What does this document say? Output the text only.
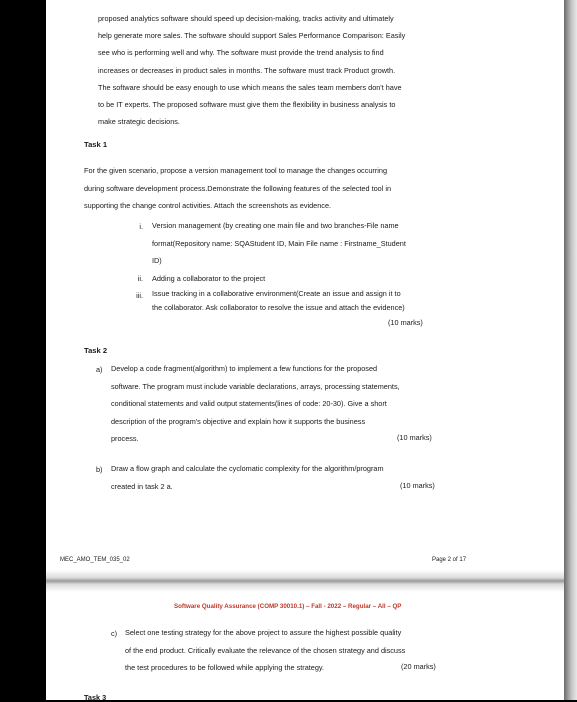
proposed analytics software should speed up decision-making, tracks activity and ultimately
help generate more sales. The software should support Sales Performance Comparison: Easily
see who is performing well and why. The software must provide the trend analysis to find
increases or decreases in product sales in months. The software must track Product growth.
The software should be easy enough to use which means the sales team members don't have
to be IT experts. The proposed software must give them the flexibility in business analysis to
make strategic decisions.
Task 1
For the given scenario, propose a version management tool to manage the changes occurring
during software development process.Demonstrate the following features of the selected tool in
supporting the change control activities. Attach the screenshots as evidence.
i. Version management (by creating one main file and two branches-File name
format(Repository name: SQAStudent ID, Main File name : Firstname_Student
ID)
ii. Adding a collaborator to the project
iii. Issue tracking in a collaborative environment(Create an issue and assign it to
the collaborator. Ask collaborator to resolve the issue and attach the evidence)
(10 marks)
Task 2
a) Develop a code fragment(algorithm) to implement a few functions for the proposed
software. The program must include variable declarations, arrays, processing statements,
conditional statements and valid output statements(lines of code: 20-30). Give a short
description of the program's objective and explain how it supports the business
process.	(10 marks)
b) Draw a flow graph and calculate the cyclomatic complexity for the algorithm/program
created in task 2 a.	(10 marks)
MEC_AMO_TEM_035_02	Page 2 of 17
Software Quality Assurance (COMP 30010.1) – Fall - 2022 – Regular – All – QP
c) Select one testing strategy for the above project to assure the highest possible quality
of the end product. Critically evaluate the relevance of the chosen strategy and discuss
the test procedures to be followed while applying the strategy.	(20 marks)
Task 3
